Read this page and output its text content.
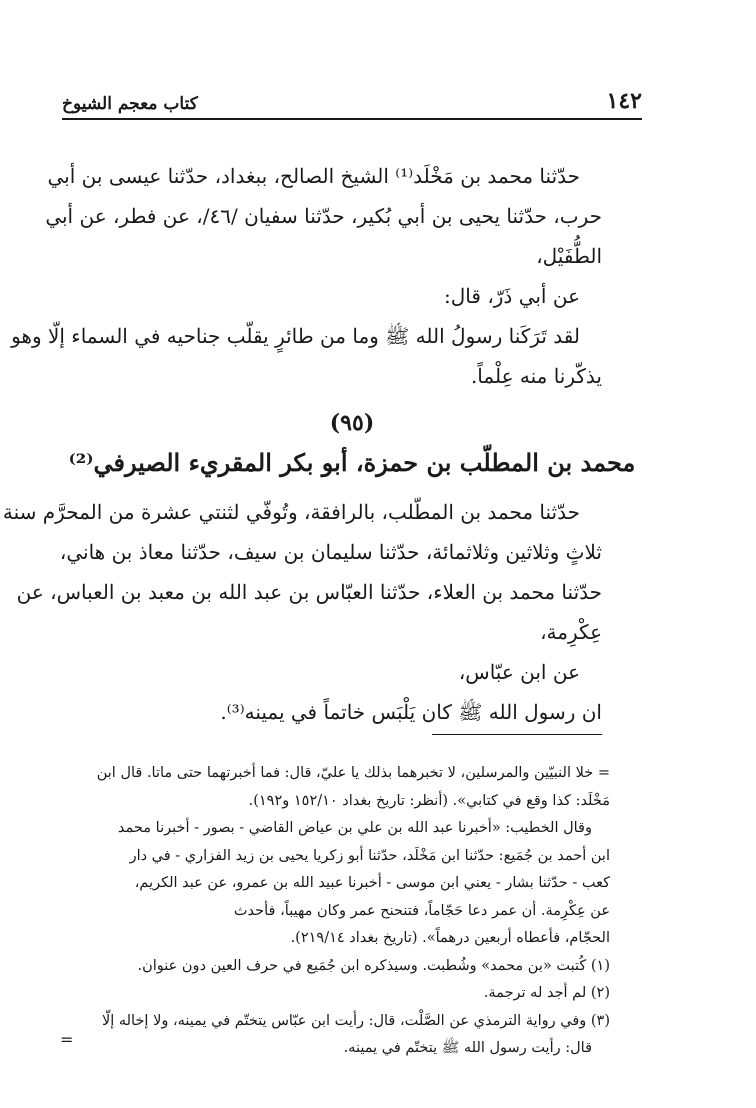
١٤٢
كتاب معجم الشيوخ
حدّثنا محمد بن مَخْلَد⁽¹⁾ الشيخ الصالح، ببغداد، حدّثنا عيسى بن أبي
حرب، حدّثنا يحيى بن أبي بُكير، حدّثنا سفيان /٤٦/، عن فطر، عن أبي
الطُّفَيْل،
عن أبي ذَرّ، قال:
لقد تَرَكَنا رسولُ الله ﷺ وما من طائرٍ يقلّب جناحيه في السماء إلّا وهو
يذكّرنا منه عِلْماً.
(٩٥)
محمد بن المطلّب بن حمزة، أبو بكر المقريء الصيرفي⁽²⁾
حدّثنا محمد بن المطّلب، بالرافقة، وتُوفّي لثنتي عشرة من المحرَّم سنة
ثلاثٍ وثلاثين وثلاثمائة، حدّثنا سليمان بن سيف، حدّثنا معاذ بن هاني،
حدّثنا محمد بن العلاء، حدّثنا العبّاس بن عبد الله بن معبد بن العباس، عن
عِكْرِمة،
عن ابن عبّاس،
ان رسول الله ﷺ كان يَلْبَس خاتماً في يمينه⁽³⁾.
= خلا النبيّين والمرسلين، لا تخبرهما بذلك يا عليّ، قال: فما أخبرتهما حتى ماتا. قال ابن
مَخْلَد: كذا وقع في كتابي». (أنظر: تاريخ بغداد ١٥٢/١٠ و١٩٢).
وقال الخطيب: «أخبرنا عبد الله بن علي بن عياض القاضي - بصور - أخبرنا محمد
ابن أحمد بن جُمَيع: حدّثنا ابن مَخْلَد، حدّثنا أبو زكريا يحيى بن زيد الفزاري - في دار
كعب - حدّثنا بشار - يعني ابن موسى - أخبرنا عبيد الله بن عمرو، عن عبد الكريم،
عن عِكْرِمة. أن عمر دعا حَجّاماً، فتنحنح عمر وكان مهيباً، فأحدث
الحجّام، فأعطاه أربعين درهماً». (تاريخ بغداد ٢١٩/١٤).
(١) كُتبت «بن محمد» وشُطبت. وسيذكره ابن جُمَيع في حرف العين دون عنوان.
(٢) لم أجد له ترجمة.
(٣) وفي رواية الترمذي عن الصَّلْت، قال: رأيت ابن عبّاس يتختّم في يمينه، ولا إخاله إلّا
قال: رأيت رسول الله ﷺ يتختّم في يمينه.
=
